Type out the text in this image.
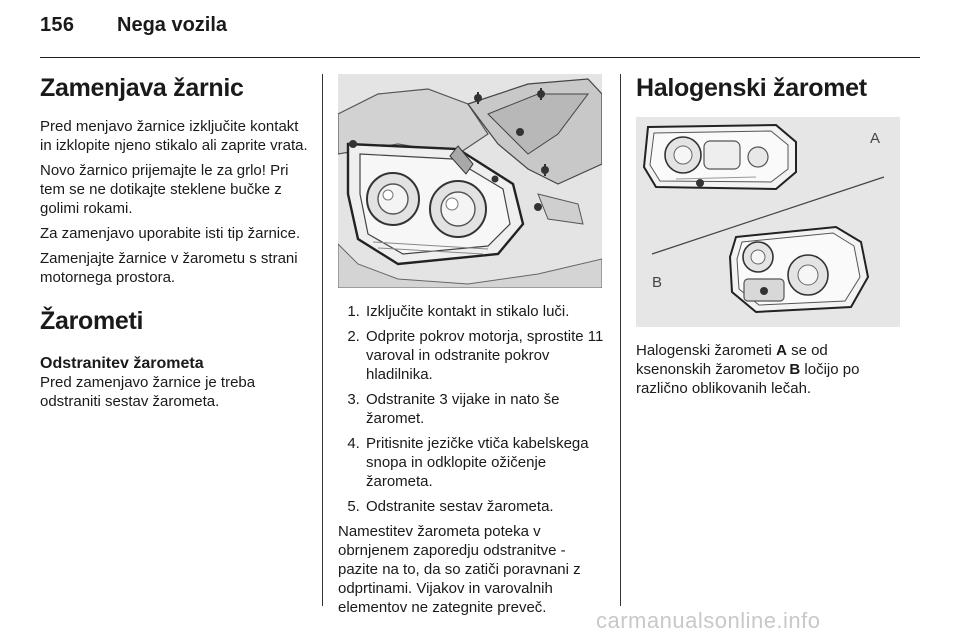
156 Nega vozila
Zamenjava žarnic

Pred menjavo žarnice izključite kontakt in izklopite njeno stikalo ali zaprite vrata.

Novo žarnico prijemajte le za grlo! Pri tem se ne dotikajte steklene bučke z golimi rokami.

Za zamenjavo uporabite isti tip žarnice.

Zamenjajte žarnice v žarometu s strani motornega prostora.

Žarometi
Odstranitev žarometa

Pred zamenjavo žarnice je treba odstraniti sestav žarometa.

1. Izključite kontakt in stikalo luči.
2. Odprite pokrov motorja, sprostite 11 varoval in odstranite pokrov hladilnika.
3. Odstranite 3 vijake in nato še žaromet.
4. Pritisnite jezičke vtiča kabelskega snopa in odklopite ožičenje žarometa.
5. Odstranite sestav žarometa.

Namestitev žarometa poteka v obrnjenem zaporedju odstranitve - pazite na to, da so zatiči poravnani z odprtinami. Vijakov in varovalnih elementov ne zategnite preveč.

Halogenski žaromet
A
B

Halogenski žarometi A se od ksenonskih žarometov B ločijo po različno oblikovanih lečah.

carmanualsonline.info
